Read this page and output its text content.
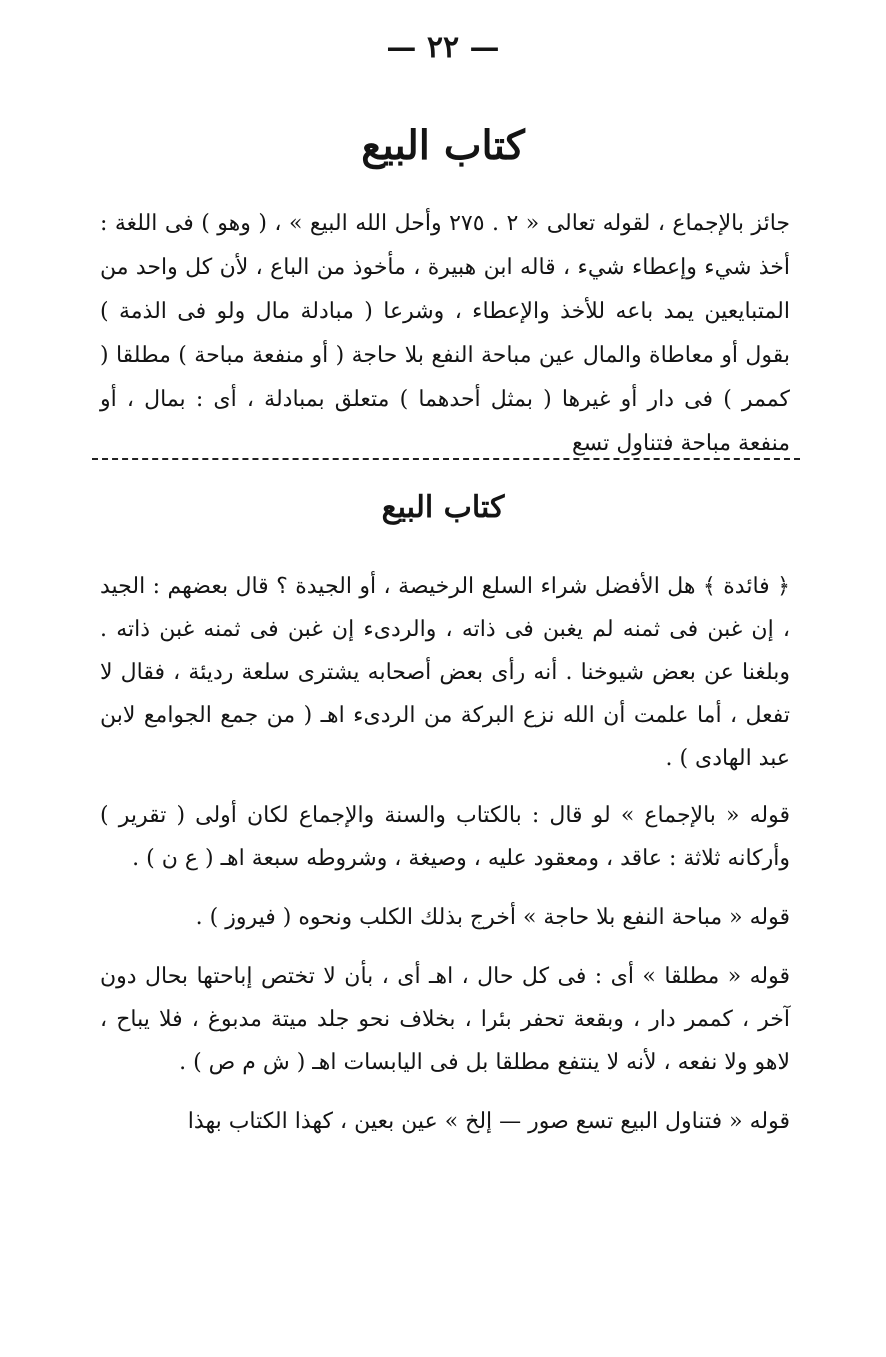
— ٢٢ —
كتاب البيع

جائز بالإجماع ، لقوله تعالى « ٢ . ٢٧٥ وأحل الله البيع » ، ( وهو ) فى اللغة : أخذ شيء وإعطاء شيء ، قاله ابن هبيرة ، مأخوذ من الباع ، لأن كل واحد من المتبايعين يمد باعه للأخذ والإعطاء ، وشرعا ( مبادلة مال ولو فى الذمة ) بقول أو معاطاة والمال عين مباحة النفع بلا حاجة ( أو منفعة مباحة ) مطلقا ( كممر ) فى دار أو غيرها ( بمثل أحدهما ) متعلق بمبادلة ، أى : بمال ، أو منفعة مباحة فتناول تسع

كتاب البيع

﴿ فائدة ﴾ هل الأفضل شراء السلع الرخيصة ، أو الجيدة ؟ قال بعضهم : الجيد ، إن غبن فى ثمنه لم يغبن فى ذاته ، والردىء إن غبن فى ثمنه غبن ذاته . وبلغنا عن بعض شيوخنا . أنه رأى بعض أصحابه يشترى سلعة رديئة ، فقال لا تفعل ، أما علمت أن الله نزع البركة من الردىء اهـ ( من جمع الجوامع لابن عبد الهادى ) .

قوله « بالإجماع » لو قال : بالكتاب والسنة والإجماع لكان أولى ( تقرير ) وأركانه ثلاثة : عاقد ، ومعقود عليه ، وصيغة ، وشروطه سبعة اهـ ( ع ن ) .

قوله « مباحة النفع بلا حاجة » أخرج بذلك الكلب ونحوه ( فيروز ) .

قوله « مطلقا » أى : فى كل حال ، اهـ أى ، بأن لا تختص إباحتها بحال دون آخر ، كممر دار ، وبقعة تحفر بئرا ، بخلاف نحو جلد ميتة مدبوغ ، فلا يباح ، لاهو ولا نفعه ، لأنه لا ينتفع مطلقا بل فى اليابسات اهـ ( ش م ص ) .

قوله « فتناول البيع تسع صور — إلخ » عين بعين ، كهذا الكتاب بهذا
